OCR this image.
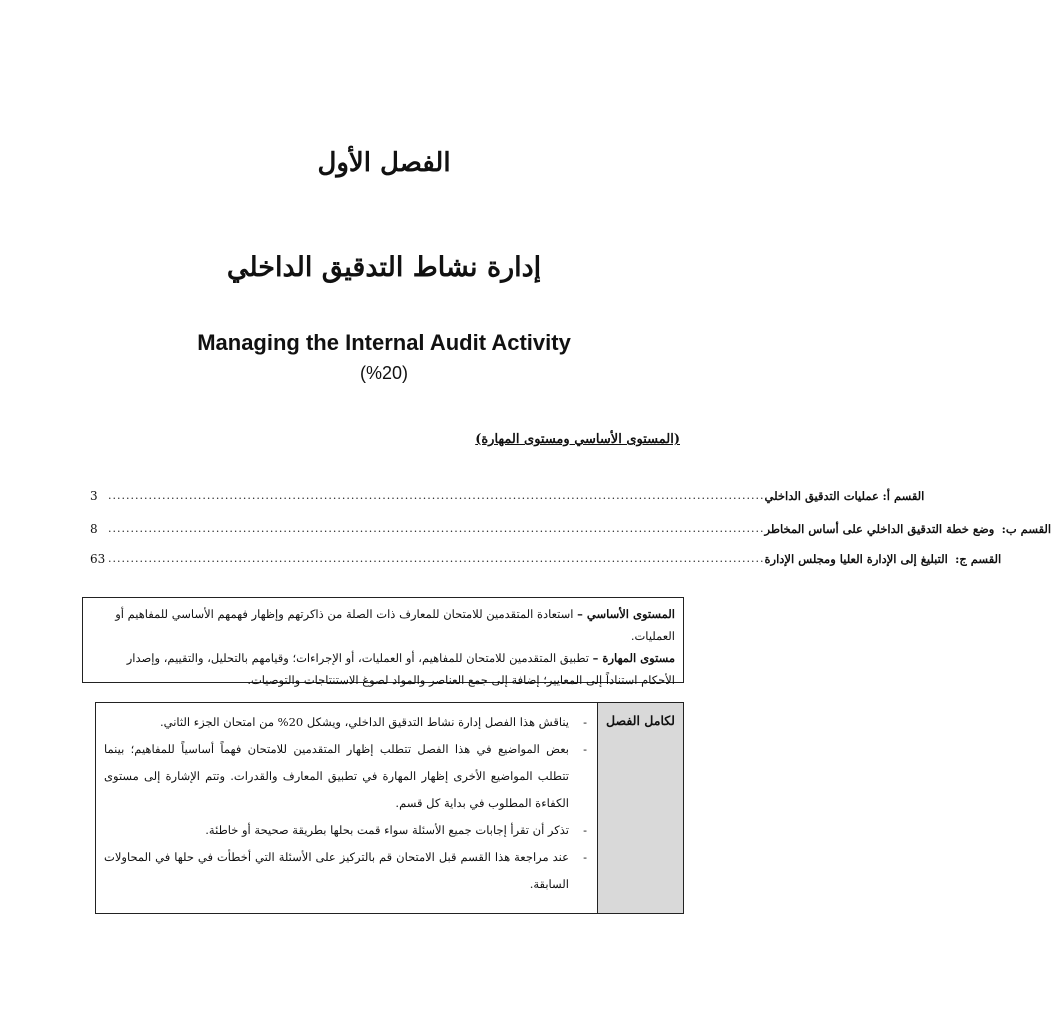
الفصل الأول
إدارة نشاط التدقيق الداخلي
Managing the Internal Audit Activity
(%20)
(المستوى الأساسي ومستوى المهارة)
3 ..................................................................................................................................................	القسم أ: عمليات التدقيق الداخلي
8 ..................................................................................................................................................	القسم ب:  وضع خطة التدقيق الداخلي على أساس المخاطر
63 ..................................................................................................................................................	القسم ج:  التبليغ إلى الإدارة العليا ومجلس الإدارة
المستوى الأساسي – استعادة المتقدمين للامتحان للمعارف ذات الصلة من ذاكرتهم وإظهار فهمهم الأساسي للمفاهيم أو العمليات.
مستوى المهارة – تطبيق المتقدمين للامتحان للمفاهيم، أو العمليات، أو الإجراءات؛ وقيامهم بالتحليل، والتقييم، وإصدار الأحكام استناداً إلى المعايير؛ إضافة إلى جمع العناصر والمواد لصوغ الاستنتاجات والتوصيات.
لكامل الفصل
-
يناقش هذا الفصل إدارة نشاط التدقيق الداخلي، ويشكل 20% من امتحان الجزء الثاني.
-
بعض المواضيع في هذا الفصل تتطلب إظهار المتقدمين للامتحان فهماً أساسياً للمفاهيم؛ بينما تتطلب المواضيع الأخرى إظهار المهارة في تطبيق المعارف والقدرات. وتتم الإشارة إلى مستوى الكفاءة المطلوب في بداية كل قسم.
-
تذكر أن تقرأ إجابات جميع الأسئلة سواء قمت بحلها بطريقة صحيحة أو خاطئة.
-
عند مراجعة هذا القسم قبل الامتحان قم بالتركيز على الأسئلة التي أخطأت في حلها في المحاولات السابقة.
